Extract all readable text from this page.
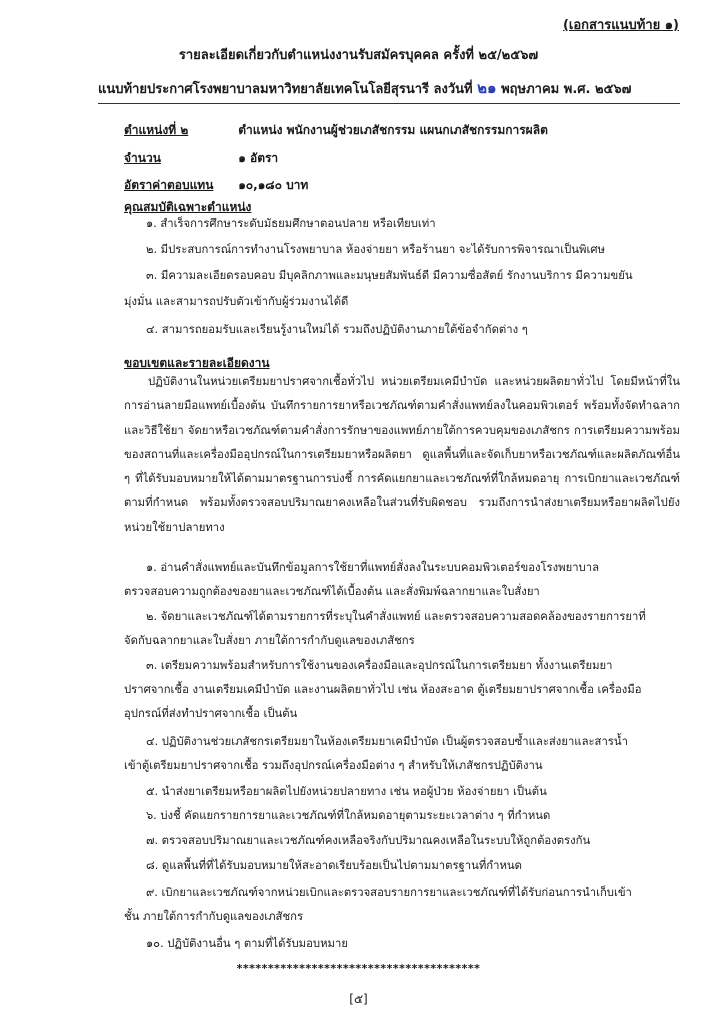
(เอกสารแนบท้าย ๑)
รายละเอียดเกี่ยวกับตำแหน่งงานรับสมัครบุคคล ครั้งที่ ๒๕/๒๕๖๗
แนบท้ายประกาศโรงพยาบาลมหาวิทยาลัยเทคโนโลยีสุรนารี ลงวันที่ ๒๑ พฤษภาคม พ.ศ. ๒๕๖๗
ตำแหน่งที่ ๒	ตำแหน่ง พนักงานผู้ช่วยเภสัชกรรม แผนกเภสัชกรรมการผลิต
จำนวน	๑ อัตรา
อัตราค่าตอบแทน ๑๐,๑๘๐ บาท
คุณสมบัติเฉพาะตำแหน่ง
๑. สำเร็จการศึกษาระดับมัธยมศึกษาตอนปลาย หรือเทียบเท่า
๒. มีประสบการณ์การทำงานโรงพยาบาล ห้องจ่ายยา หรือร้านยา จะได้รับการพิจารณาเป็นพิเศษ
๓. มีความละเอียดรอบคอบ มีบุคลิกภาพและมนุษยสัมพันธ์ดี มีความซื่อสัตย์ รักงานบริการ มีความขยัน
มุ่งมั่น และสามารถปรับตัวเข้ากับผู้ร่วมงานได้ดี
๔. สามารถยอมรับและเรียนรู้งานใหม่ได้ รวมถึงปฏิบัติงานภายใต้ข้อจำกัดต่าง ๆ
ขอบเขตและรายละเอียดงาน

ปฏิบัติงานในหน่วยเตรียมยาปราศจากเชื้อทั่วไป หน่วยเตรียมเคมีบำบัด และหน่วยผลิตยาทั่วไป โดยมีหน้าที่ในการอ่านลายมือแพทย์เบื้องต้น บันทึกรายการยาหรือเวชภัณฑ์ตามคำสั่งแพทย์ลงในคอมพิวเตอร์ พร้อมทั้งจัดทำฉลากและวิธีใช้ยา จัดยาหรือเวชภัณฑ์ตามคำสั่งการรักษาของแพทย์ภายใต้การควบคุมของเภสัชกร การเตรียมความพร้อมของสถานที่และเครื่องมืออุปกรณ์ในการเตรียมยาหรือผลิตยา ดูแลพื้นที่และจัดเก็บยาหรือเวชภัณฑ์และผลิตภัณฑ์อื่น ๆ ที่ได้รับมอบหมายให้ได้ตามมาตรฐานการบ่งชี้ การคัดแยกยาและเวชภัณฑ์ที่ใกล้หมดอายุ การเบิกยาและเวชภัณฑ์ตามที่กำหนด พร้อมทั้งตรวจสอบปริมาณยาคงเหลือในส่วนที่รับผิดชอบ รวมถึงการนำส่งยาเตรียมหรือยาผลิตไปยังหน่วยใช้ยาปลายทาง

๑. อ่านคำสั่งแพทย์และบันทึกข้อมูลการใช้ยาที่แพทย์สั่งลงในระบบคอมพิวเตอร์ของโรงพยาบาล
ตรวจสอบความถูกต้องของยาและเวชภัณฑ์ได้เบื้องต้น และสั่งพิมพ์ฉลากยาและใบสั่งยา
๒. จัดยาและเวชภัณฑ์ได้ตามรายการที่ระบุในคำสั่งแพทย์ และตรวจสอบความสอดคล้องของรายการยาที่
จัดกับฉลากยาและใบสั่งยา ภายใต้การกำกับดูแลของเภสัชกร
๓. เตรียมความพร้อมสำหรับการใช้งานของเครื่องมือและอุปกรณ์ในการเตรียมยา ทั้งงานเตรียมยา
ปราศจากเชื้อ งานเตรียมเคมีบำบัด และงานผลิตยาทั่วไป เช่น ห้องสะอาด ตู้เตรียมยาปราศจากเชื้อ เครื่องมือ
อุปกรณ์ที่ส่งทำปราศจากเชื้อ เป็นต้น
๔. ปฏิบัติงานช่วยเภสัชกรเตรียมยาในห้องเตรียมยาเคมีบำบัด เป็นผู้ตรวจสอบซ้ำและส่งยาและสารน้ำ
เข้าตู้เตรียมยาปราศจากเชื้อ รวมถึงอุปกรณ์เครื่องมือต่าง ๆ สำหรับให้เภสัชกรปฏิบัติงาน
๕. นำส่งยาเตรียมหรือยาผลิตไปยังหน่วยปลายทาง เช่น หอผู้ป่วย ห้องจ่ายยา เป็นต้น
๖. บ่งชี้ คัดแยกรายการยาและเวชภัณฑ์ที่ใกล้หมดอายุตามระยะเวลาต่าง ๆ ที่กำหนด
๗. ตรวจสอบปริมาณยาและเวชภัณฑ์คงเหลือจริงกับปริมาณคงเหลือในระบบให้ถูกต้องตรงกัน
๘. ดูแลพื้นที่ที่ได้รับมอบหมายให้สะอาดเรียบร้อยเป็นไปตามมาตรฐานที่กำหนด
๙. เบิกยาและเวชภัณฑ์จากหน่วยเบิกและตรวจสอบรายการยาและเวชภัณฑ์ที่ได้รับก่อนการนำเก็บเข้า
ชั้น ภายใต้การกำกับดูแลของเภสัชกร
๑๐. ปฏิบัติงานอื่น ๆ ตามที่ได้รับมอบหมาย
***************************************
[๕]
